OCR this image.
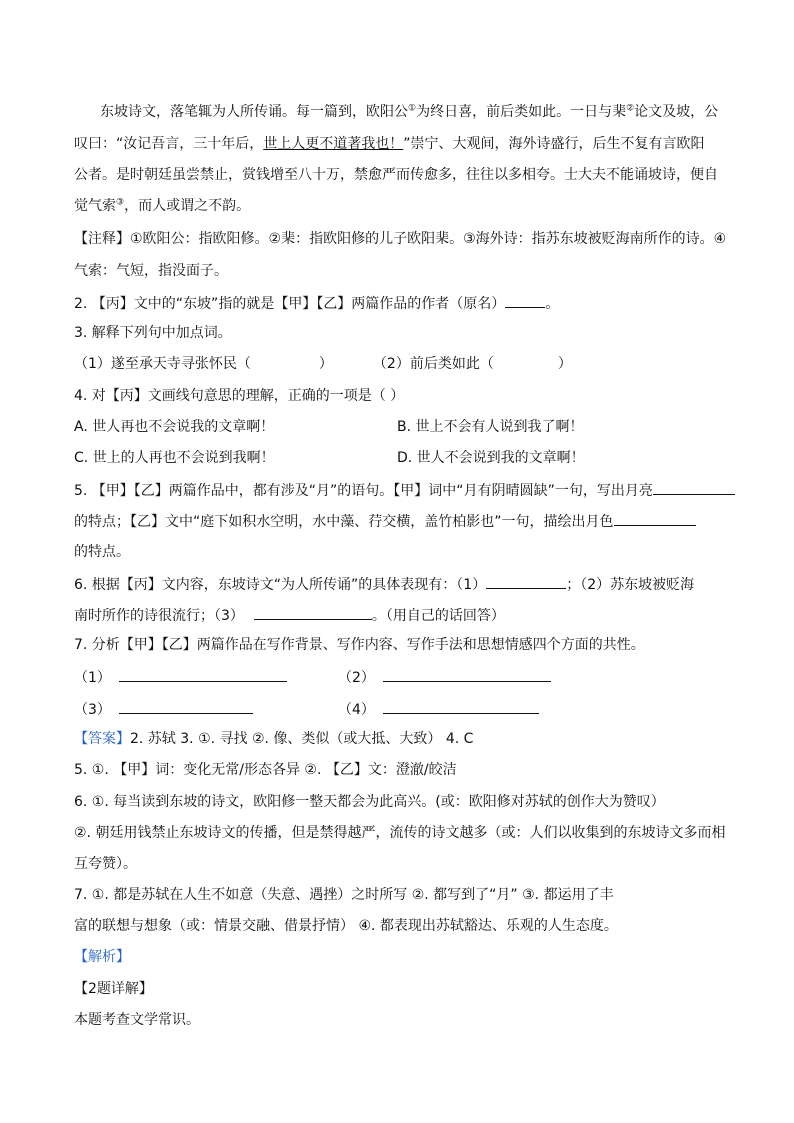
东坡诗文，落笔辄为人所传诵。每一篇到，欧阳公①为终日喜，前后类如此。一日与棐②论文及坡，公
叹曰：“汝记吾言，三十年后，世上人更不道著我也！”崇宁、大观间，海外诗盛行，后生不复有言欧阳
公者。是时朝廷虽尝禁止，赏钱增至八十万，禁愈严而传愈多，往往以多相夸。士大夫不能诵坡诗，便自
觉气索③，而人或谓之不韵。
【注释】①欧阳公：指欧阳修。②棐：指欧阳修的儿子欧阳棐。③海外诗：指苏东坡被贬海南所作的诗。④
气索：气短，指没面子。
2. 【丙】文中的“东坡”指的就是【甲】【乙】两篇作品的作者（原名）	。
3. 解释下列句中加点词。
（1）遂至承天寺寻张怀民（	）	（2）前后类如此（	）
4. 对【丙】文画线句意思的理解，正确的一项是（ ）
A. 世人再也不会说我的文章啊！	B. 世上不会有人说到我了啊！
C. 世上的人再也不会说到我啊！	D. 世人不会说到我的文章啊！
5. 【甲】【乙】两篇作品中，都有涉及“月”的语句。【甲】词中“月有阴晴圆缺”一句，写出月亮
的特点；【乙】文中“庭下如积水空明，水中藻、荇交横，盖竹柏影也”一句，描绘出月色
的特点。
6. 根据【丙】文内容，东坡诗文“为人所传诵”的具体表现有：（1）	；（2）苏东坡被贬海
南时所作的诗很流行；（3）	。（用自己的话回答）
7. 分析【甲】【乙】两篇作品在写作背景、写作内容、写作手法和思想情感四个方面的共性。
（1）	（2）
（3）	（4）
【答案】2. 苏轼 3. ①. 寻找 ②. 像、类似（或大抵、大致） 4. C
5. ①. 【甲】词：变化无常/形态各异 ②. 【乙】文：澄澈/皎洁
6. ①. 每当读到东坡的诗文，欧阳修一整天都会为此高兴。(或：欧阳修对苏轼的创作大为赞叹）
②. 朝廷用钱禁止东坡诗文的传播，但是禁得越严，流传的诗文越多（或：人们以收集到的东坡诗文多而相
互夸赞）。
7. ①. 都是苏轼在人生不如意（失意、遇挫）之时所写 ②. 都写到了“月” ③. 都运用了丰
富的联想与想象（或：情景交融、借景抒情） ④. 都表现出苏轼豁达、乐观的人生态度。
【解析】
【2题详解】
本题考查文学常识。
